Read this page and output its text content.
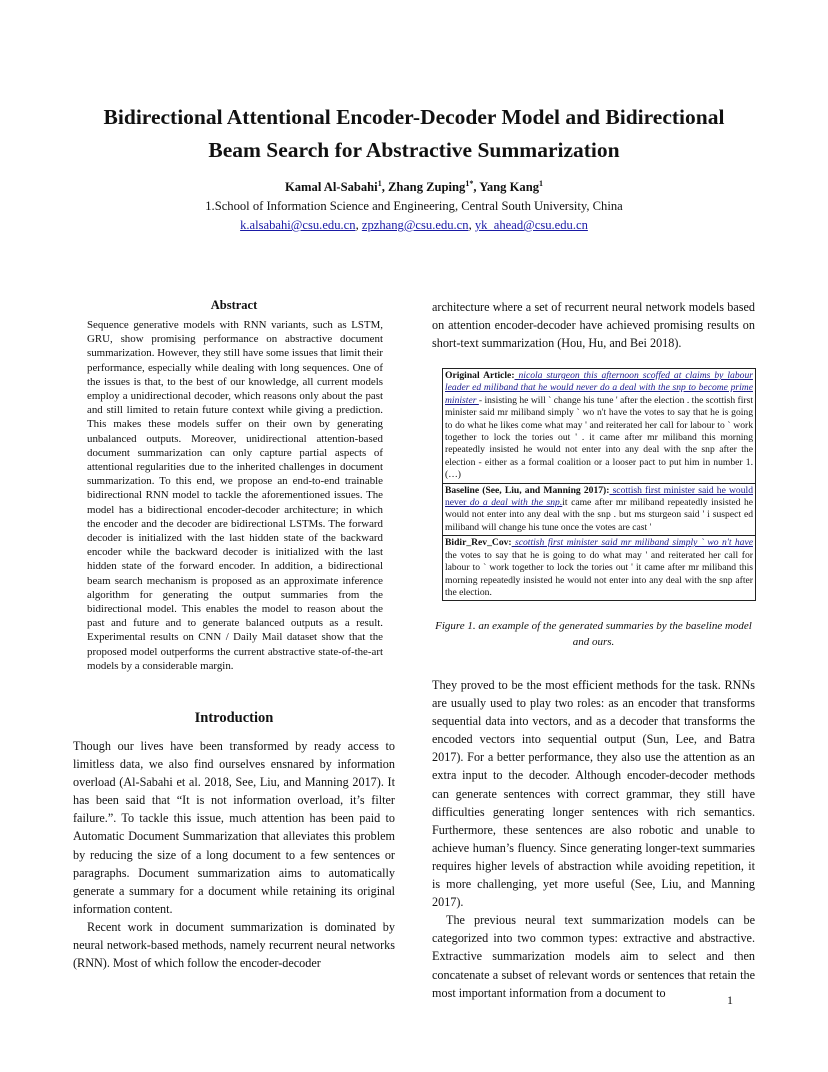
Bidirectional Attentional Encoder-Decoder Model and Bidirectional
Beam Search for Abstractive Summarization
Kamal Al-Sabahi$^1$, Zhang Zuping$^{1*}$, Yang Kang$^1$
1.School of Information Science and Engineering, Central South University, China
k.alsabahi@csu.edu.cn, zpzhang@csu.edu.cn, yk_ahead@csu.edu.cn
Abstract
Sequence generative models with RNN variants, such as LSTM, GRU, show promising performance on abstractive document summarization. However, they still have some issues that limit their performance, especially while dealing with long sequences. One of the issues is that, to the best of our knowledge, all current models employ a unidirectional decoder, which reasons only about the past and still limited to retain future context while giving a prediction. This makes these models suffer on their own by generating unbalanced outputs. Moreover, unidirectional attention-based document summarization can only capture partial aspects of attentional regularities due to the inherited challenges in document summarization. To this end, we propose an end-to-end trainable bidirectional RNN model to tackle the aforementioned issues. The model has a bidirectional encoder-decoder architecture; in which the encoder and the decoder are bidirectional LSTMs. The forward decoder is initialized with the last hidden state of the backward encoder while the backward decoder is initialized with the last hidden state of the forward encoder. In addition, a bidirectional beam search mechanism is proposed as an approximate inference algorithm for generating the output summaries from the bidirectional model. This enables the model to reason about the past and future and to generate balanced outputs as a result. Experimental results on CNN / Daily Mail dataset show that the proposed model outperforms the current abstractive state-of-the-art models by a considerable margin.
Introduction

Though our lives have been transformed by ready access to limitless data, we also find ourselves ensnared by information overload (Al-Sabahi et al. 2018, See, Liu, and Manning 2017). It has been said that “It is not information overload, it’s filter failure.”. To tackle this issue, much attention has been paid to Automatic Document Summarization that alleviates this problem by reducing the size of a long document to a few sentences or paragraphs. Document summarization aims to automatically generate a summary for a document while retaining its original information content.

Recent work in document summarization is dominated by neural network-based methods, namely recurrent neural networks (RNN). Most of which follow the encoder-decoder

architecture where a set of recurrent neural network models based on attention encoder-decoder have achieved promising results on short-text summarization (Hou, Hu, and Bei 2018).
Original Article: nicola sturgeon this afternoon scoffed at claims by labour leader ed miliband that he would never do a deal with the snp to become prime minister - insisting he will ` change his tune ' after the election . the scottish first minister said mr miliband simply ` wo n't have the votes to say that he is going to do what he likes come what may ' and reiterated her call for labour to ` work together to lock the tories out ' . it came after mr miliband this morning repeatedly insisted he would not enter into any deal with the snp after the election - either as a formal coalition or a looser pact to put him in number 1.(…)
Baseline (See, Liu, and Manning 2017): scottish first minister said he would never do a deal with the snp.it came after mr miliband repeatedly insisted he would not enter into any deal with the snp . but ms sturgeon said ' i suspect ed miliband will change his tune once the votes are cast '
Bidir_Rev_Cov: scottish first minister said mr miliband simply ` wo n't have the votes to say that he is going to do what may ' and reiterated her call for labour to ` work together to lock the tories out ' it came after mr miliband this morning repeatedly insisted he would not enter into any deal with the snp after the election.
Figure 1. an example of the generated summaries by the baseline model and ours.

They proved to be the most efficient methods for the task. RNNs are usually used to play two roles: as an encoder that transforms sequential data into vectors, and as a decoder that transforms the encoded vectors into sequential output (Sun, Lee, and Batra 2017). For a better performance, they also use the attention as an extra input to the decoder. Although encoder-decoder methods can generate sentences with correct grammar, they still have difficulties generating longer sentences with rich semantics. Furthermore, these sentences are also robotic and unable to achieve human’s fluency. Since generating longer-text summaries requires higher levels of abstraction while avoiding repetition, it is more challenging, yet more useful (See, Liu, and Manning 2017).

The previous neural text summarization models can be categorized into two common types: extractive and abstractive. Extractive summarization models aim to select and then concatenate a subset of relevant words or sentences that retain the most important information from a document to

1
